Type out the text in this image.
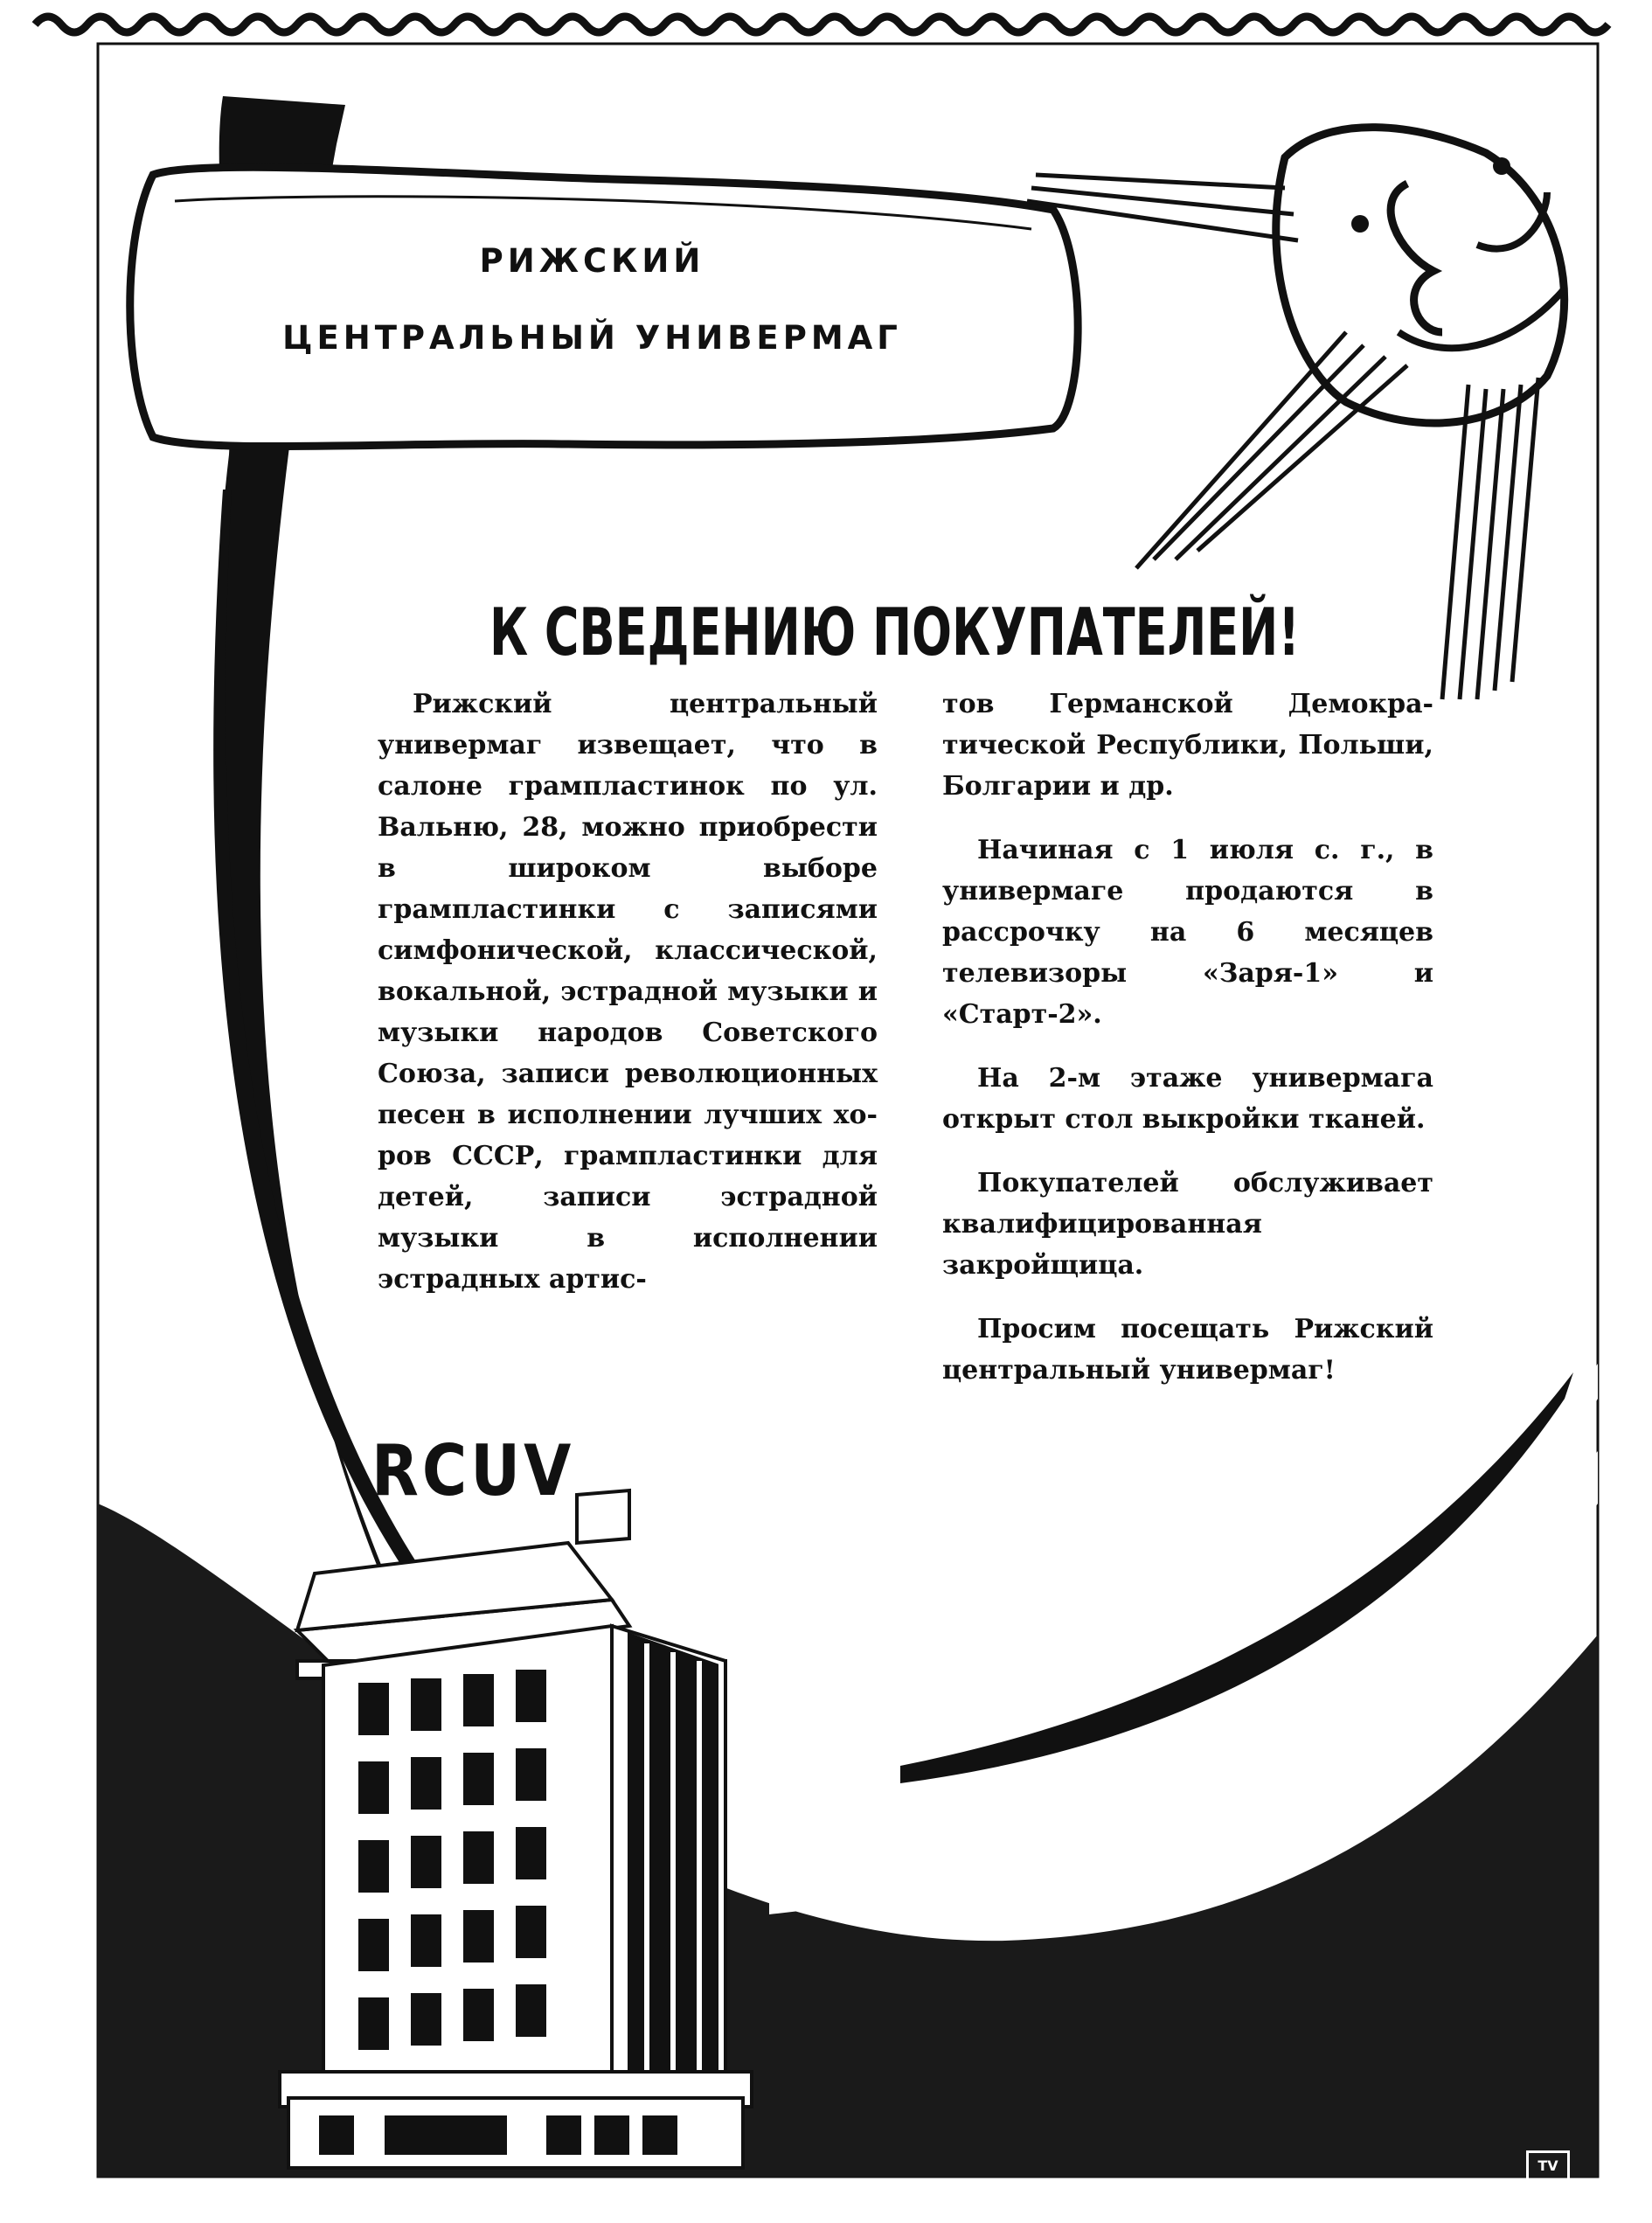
РИЖСКИЙ
ЦЕНТРАЛЬНЫЙ УНИВЕРМАГ
К СВЕДЕНИЮ ПОКУПАТЕЛЕЙ!

Рижский центральный универмаг извещает, что в салоне грампластинок по ул. Вальню, 28, можно приобрести в широком выборе грампластинки с записями симфонической, классической, вокальной, эстрадной музыки и музыки народов Советского Союза, записи революционных песен в исполнении лучших хоров СССР, грампластинки для детей, записи эстрадной музыки в исполнении эстрадных артис-

тов Германской Демократической Республики, Польши, Болгарии и др.

Начиная с 1 июля с. г., в универмаге продаются в рассрочку на 6 месяцев телевизоры «Заря-1» и «Старт-2».

На 2-м этаже универмага открыт стол выкройки тканей.

Покупателей обслуживает квалифицированная закройщица.

Просим посещать Рижский центральный универмаг!

RCUV
TV
